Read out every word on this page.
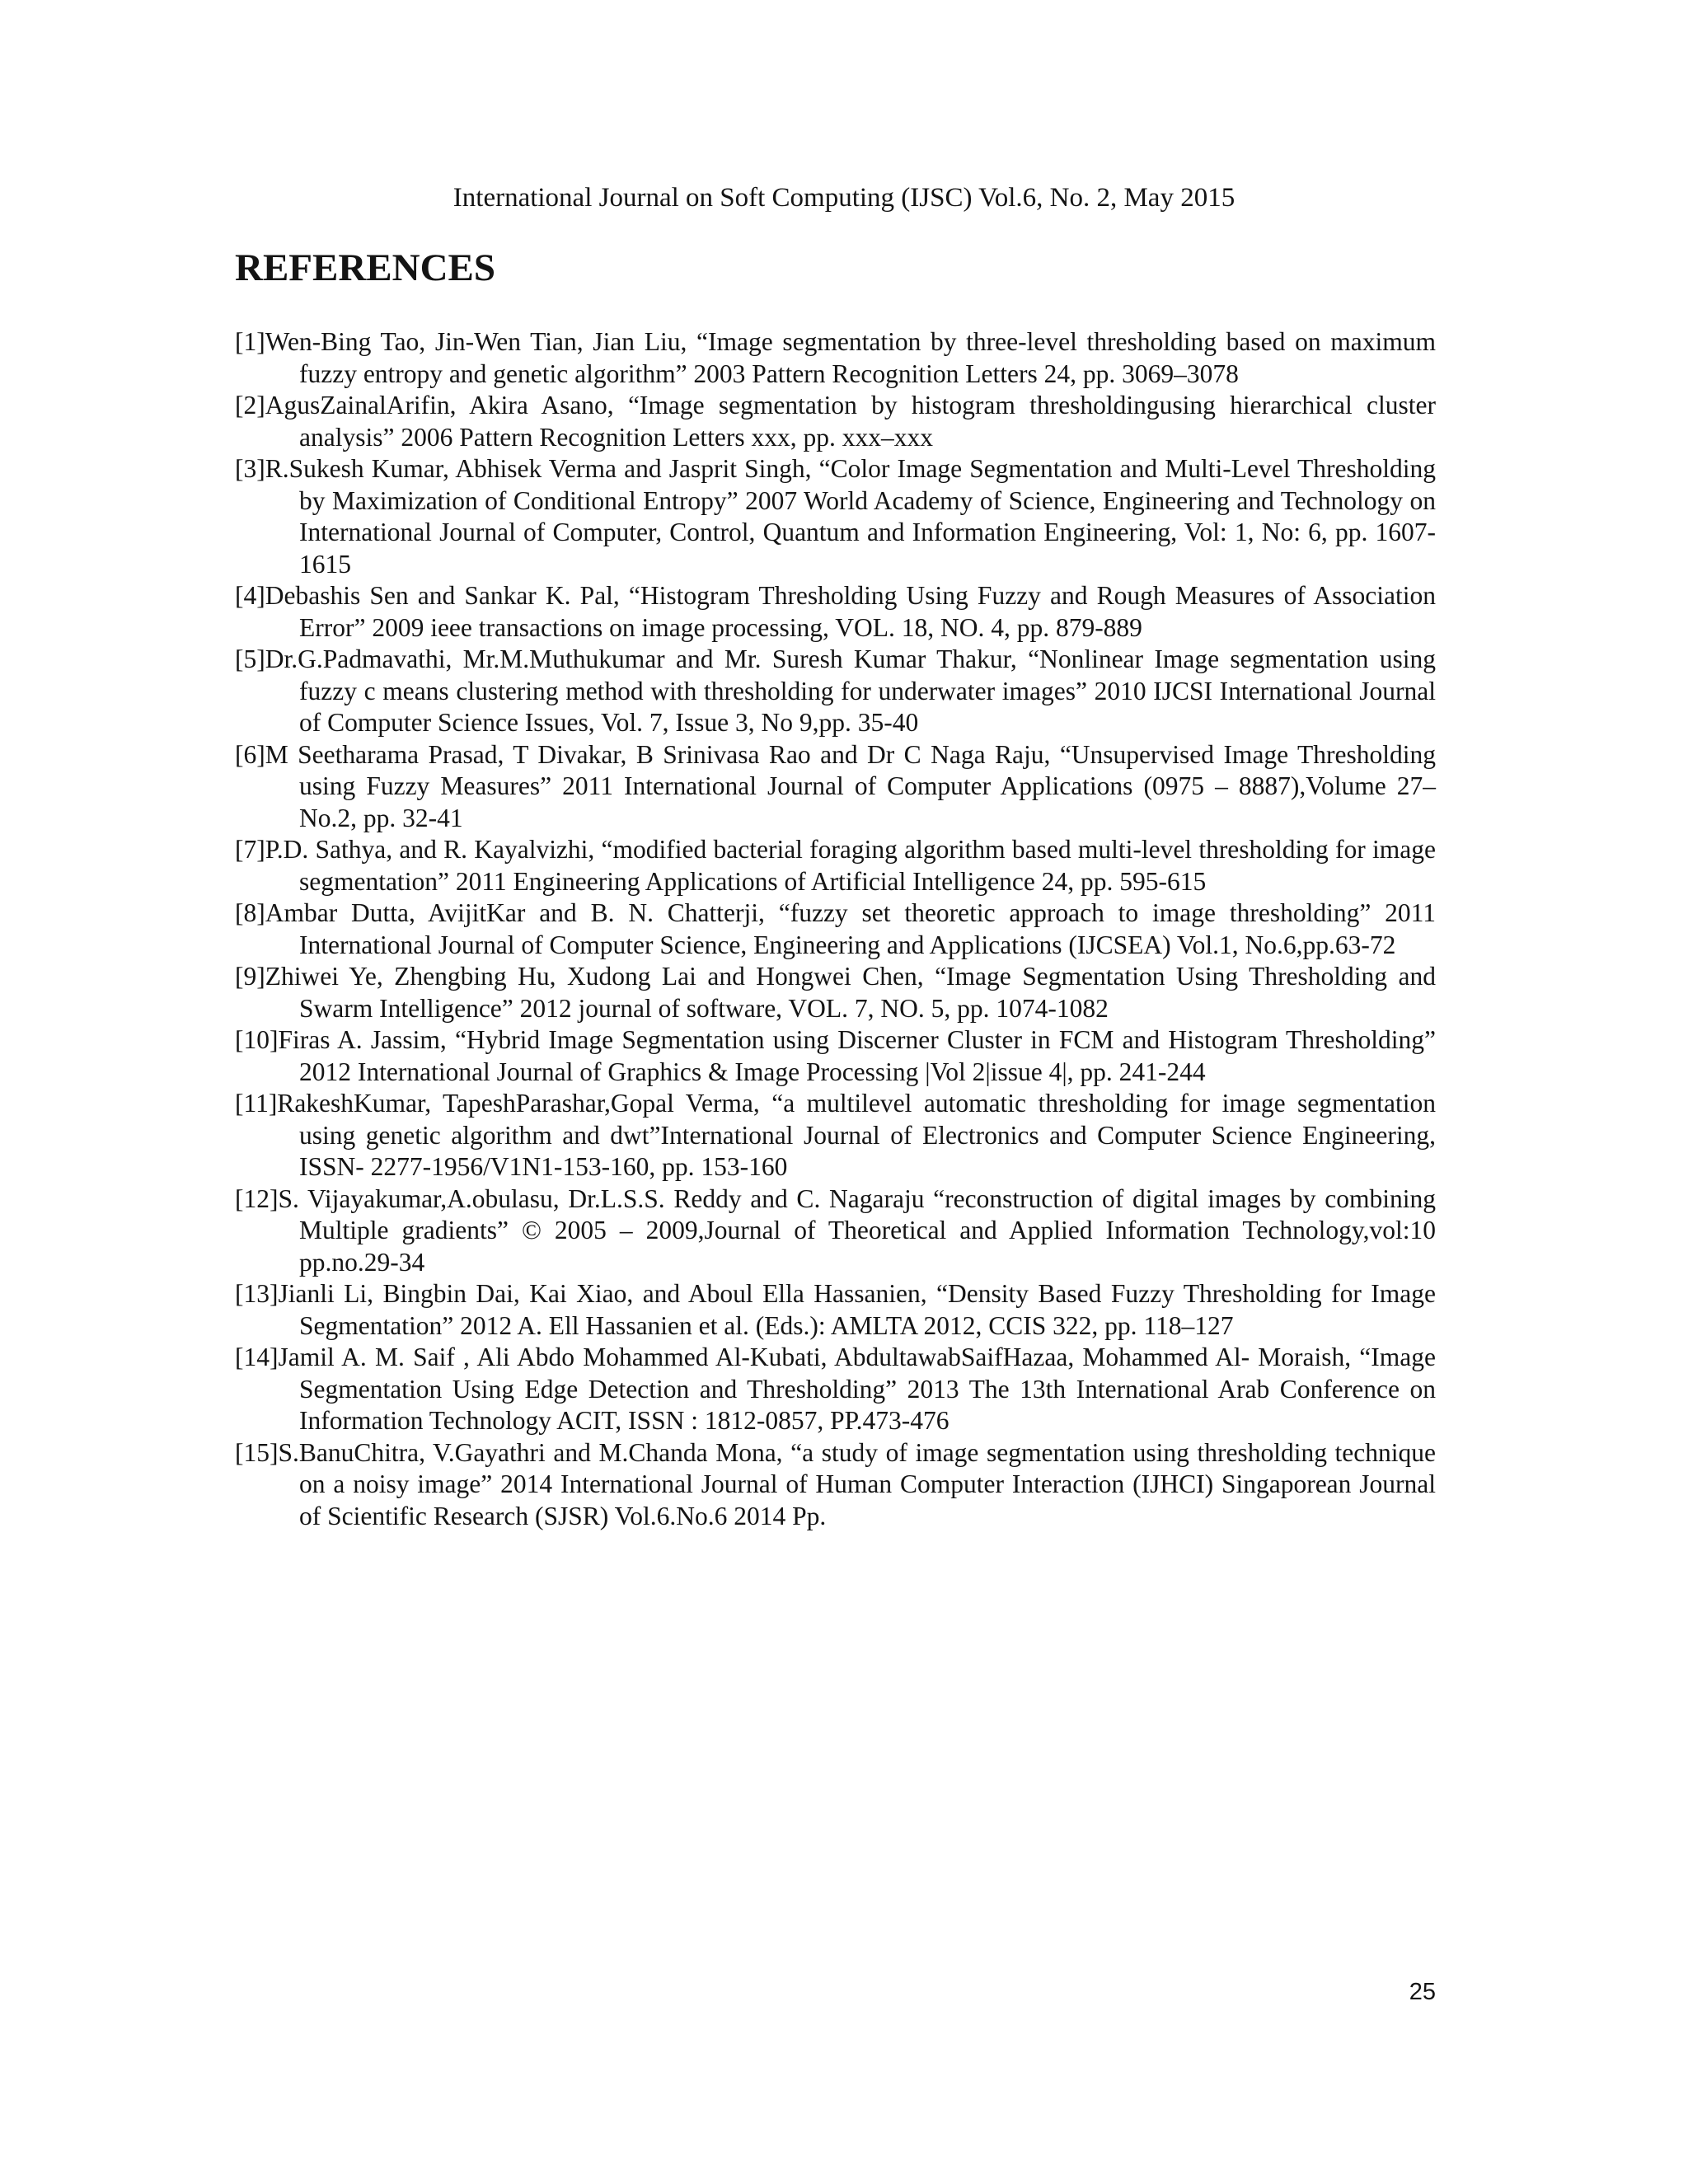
International Journal on Soft Computing (IJSC) Vol.6, No. 2, May 2015
REFERENCES
[1]Wen-Bing Tao, Jin-Wen Tian, Jian Liu, “Image segmentation by three-level thresholding based on maximum fuzzy entropy and genetic algorithm” 2003 Pattern Recognition Letters 24, pp. 3069–3078
[2]AgusZainalArifin, Akira Asano, “Image segmentation by histogram thresholdingusing hierarchical cluster analysis” 2006 Pattern Recognition Letters xxx, pp. xxx–xxx
[3]R.Sukesh Kumar, Abhisek Verma and Jasprit Singh, “Color Image Segmentation and Multi-Level Thresholding by Maximization of Conditional Entropy” 2007 World Academy of Science, Engineering and Technology on International Journal of Computer, Control, Quantum and Information Engineering, Vol: 1, No: 6, pp. 1607-1615
[4]Debashis Sen and Sankar K. Pal, “Histogram Thresholding Using Fuzzy and Rough Measures of Association Error” 2009 ieee transactions on image processing, VOL. 18, NO. 4, pp. 879-889
[5]Dr.G.Padmavathi, Mr.M.Muthukumar and Mr. Suresh Kumar Thakur, “Nonlinear Image segmentation using fuzzy c means clustering method with thresholding for underwater images” 2010 IJCSI International Journal of Computer Science Issues, Vol. 7, Issue 3, No 9,pp. 35-40
[6]M Seetharama Prasad, T Divakar, B Srinivasa Rao and Dr C Naga Raju, “Unsupervised Image Thresholding using Fuzzy Measures” 2011 International Journal of Computer Applications (0975 – 8887),Volume 27– No.2, pp. 32-41
[7]P.D. Sathya, and R. Kayalvizhi, “modified bacterial foraging algorithm based multi-level thresholding for image segmentation” 2011 Engineering Applications of Artificial Intelligence 24, pp. 595-615
[8]Ambar Dutta, AvijitKar and B. N. Chatterji, “fuzzy set theoretic approach to image thresholding” 2011 International Journal of Computer Science, Engineering and Applications (IJCSEA) Vol.1, No.6,pp.63-72
[9]Zhiwei Ye, Zhengbing Hu, Xudong Lai and Hongwei Chen, “Image Segmentation Using Thresholding and Swarm Intelligence” 2012 journal of software, VOL. 7, NO. 5, pp. 1074-1082
[10]Firas A. Jassim, “Hybrid Image Segmentation using Discerner Cluster in FCM and Histogram Thresholding” 2012 International Journal of Graphics & Image Processing |Vol 2|issue 4|, pp. 241-244
[11]RakeshKumar, TapeshParashar,Gopal Verma, “a multilevel automatic thresholding for image segmentation using genetic algorithm and dwt”International Journal of Electronics and Computer Science Engineering, ISSN- 2277-1956/V1N1-153-160, pp. 153-160
[12]S. Vijayakumar,A.obulasu, Dr.L.S.S. Reddy and C. Nagaraju “reconstruction of digital images by combining Multiple gradients” © 2005 – 2009,Journal of Theoretical and Applied Information Technology,vol:10 pp.no.29-34
[13]Jianli Li, Bingbin Dai, Kai Xiao, and Aboul Ella Hassanien, “Density Based Fuzzy Thresholding for Image Segmentation” 2012 A. Ell Hassanien et al. (Eds.): AMLTA 2012, CCIS 322, pp. 118–127
[14]Jamil A. M. Saif , Ali Abdo Mohammed Al-Kubati, AbdultawabSaifHazaa, Mohammed Al- Moraish, “Image Segmentation Using Edge Detection and Thresholding” 2013 The 13th International Arab Conference on Information Technology ACIT, ISSN : 1812-0857, PP.473-476
[15]S.BanuChitra, V.Gayathri and M.Chanda Mona, “a study of image segmentation using thresholding technique on a noisy image” 2014 International Journal of Human Computer Interaction (IJHCI) Singaporean Journal of Scientific Research (SJSR) Vol.6.No.6 2014 Pp.
25
